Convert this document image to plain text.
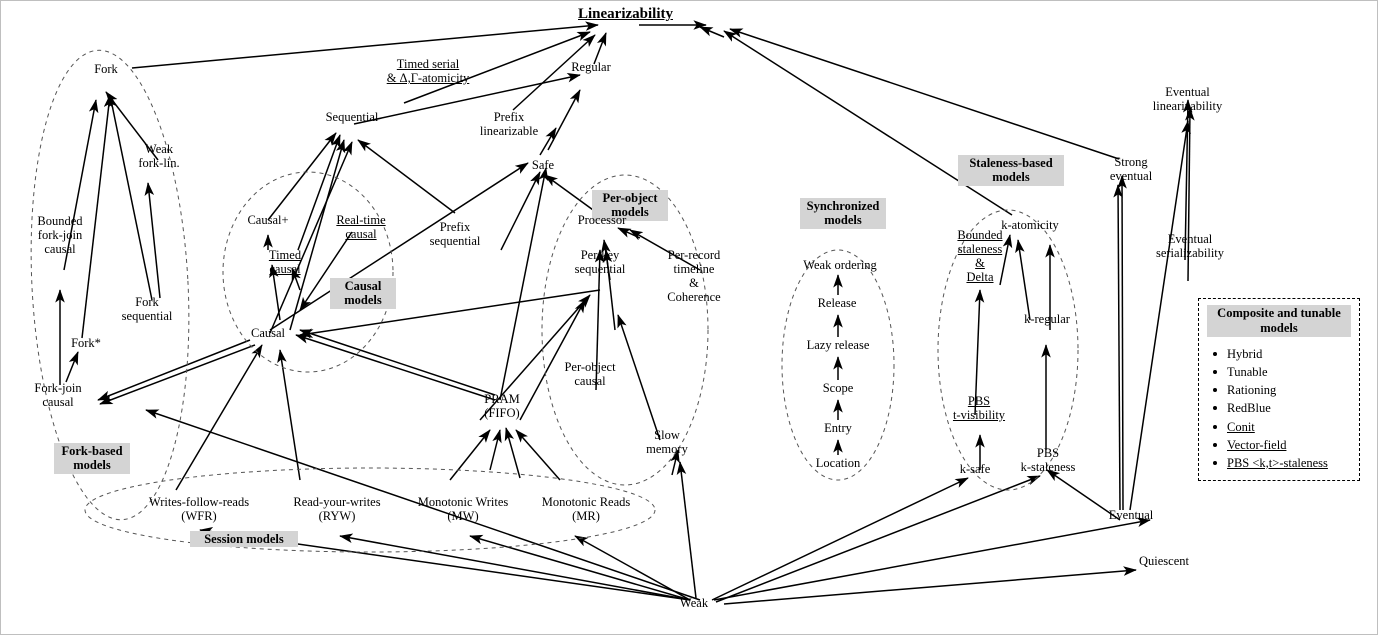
Linearizability
Fork	Timed serial
& Δ,Γ-atomicity
Regular
Eventual
linearizability
Sequential	Prefix
linearizable
Weak
fork-lin.	Safe	Strong
eventual
Per-object
models
Staleness-based
models
Synchronized
models
Causal
models
Fork-based
models
Session models
Causal+	Real-time
causal	Prefix
sequential
Processor	k-atomicity
Bounded
fork-join
causal	Timed
causal
Bounded
staleness
&
Delta
Eventual
serializability
Weak ordering
Per-key
sequential
Per-record
timeline
&
Coherence	Release
k-regular
Fork
sequential
Causal
Lazy release
Fork*
Scope
Per-object
causal
Entry
PBS
t-visibility
Fork-join
causal	PRAM
(FIFO)
Location
Slow
memory	PBS
k-staleness
k-safe
Writes-follow-reads
(WFR)
Read-your-writes
(RYW)
Monotonic Writes
(MW)
Monotonic Reads
(MR)	Eventual
Quiescent
Weak
Composite and tunable
models
Hybrid
Tunable
Rationing
RedBlue
Conit
Vector-field
PBS <k,t>-staleness
